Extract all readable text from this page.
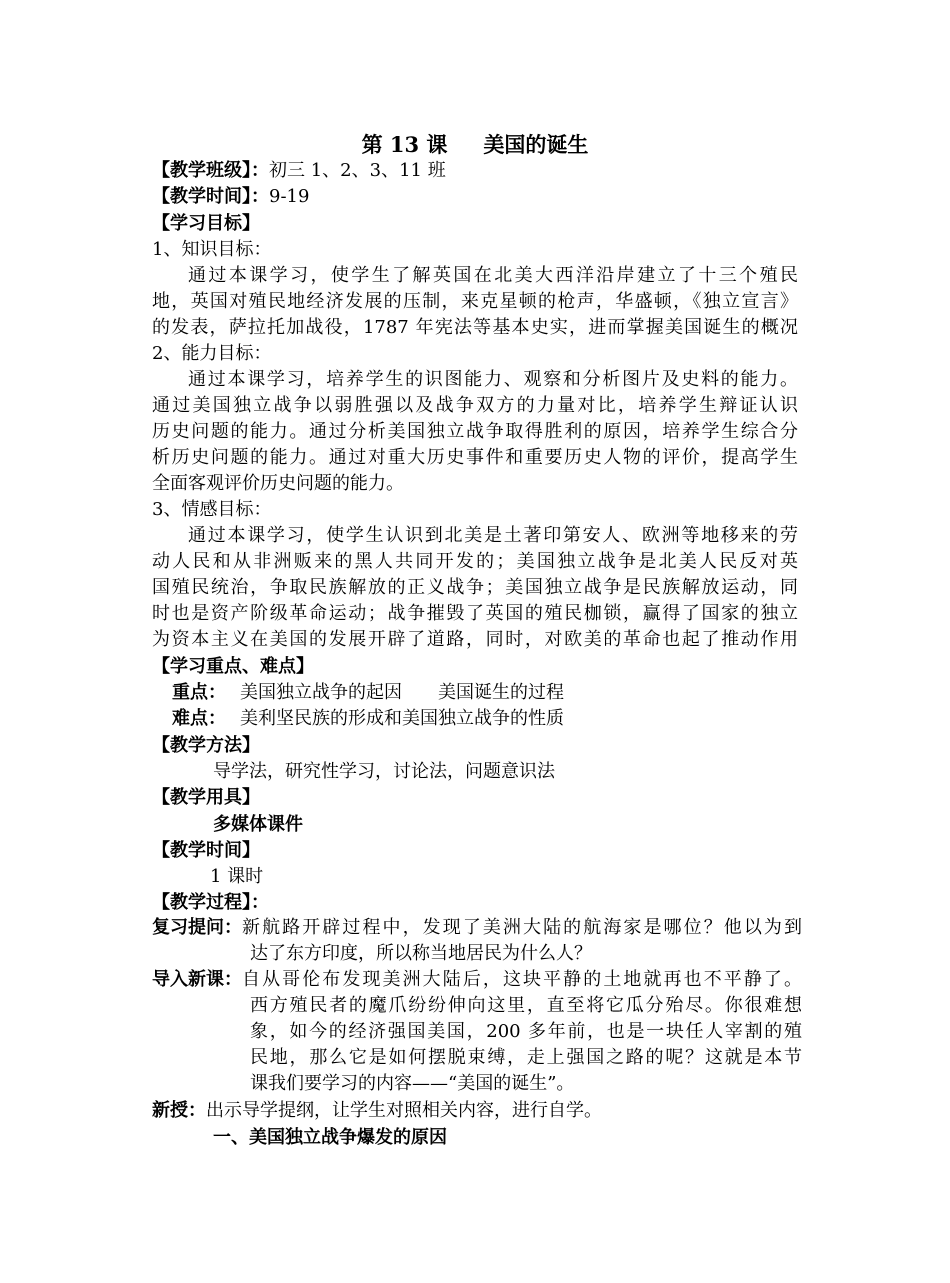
第 13 课 美国的诞生
【教学班级】：初三 1、2、3、11 班
【教学时间】：9-19
【学习目标】
1、知识目标：
通过本课学习，使学生了解英国在北美大西洋沿岸建立了十三个殖民
地，英国对殖民地经济发展的压制，来克星顿的枪声，华盛顿，《独立宣言》
的发表，萨拉托加战役，1787 年宪法等基本史实，进而掌握美国诞生的概况
2、能力目标：
通过本课学习，培养学生的识图能力、观察和分析图片及史料的能力。
通过美国独立战争以弱胜强以及战争双方的力量对比，培养学生辩证认识
历史问题的能力。通过分析美国独立战争取得胜利的原因，培养学生综合分
析历史问题的能力。通过对重大历史事件和重要历史人物的评价，提高学生
全面客观评价历史问题的能力。
3、情感目标：
通过本课学习，使学生认识到北美是土著印第安人、欧洲等地移来的劳
动人民和从非洲贩来的黑人共同开发的；美国独立战争是北美人民反对英
国殖民统治，争取民族解放的正义战争；美国独立战争是民族解放运动，同
时也是资产阶级革命运动；战争摧毁了英国的殖民枷锁，赢得了国家的独立
为资本主义在美国的发展开辟了道路，同时，对欧美的革命也起了推动作用
【学习重点、难点】
重点： 美国独立战争的起因　　美国诞生的过程
难点： 美利坚民族的形成和美国独立战争的性质
【教学方法】
导学法，研究性学习，讨论法，问题意识法
【教学用具】
多媒体课件
【教学时间】
1 课时
【教学过程】：
复习提问： 新航路开辟过程中，发现了美洲大陆的航海家是哪位？他以为到
达了东方印度，所以称当地居民为什么人？
导入新课： 自从哥伦布发现美洲大陆后，这块平静的土地就再也不平静了。
西方殖民者的魔爪纷纷伸向这里，直至将它瓜分殆尽。你很难想
象，如今的经济强国美国，200 多年前，也是一块任人宰割的殖
民地，那么它是如何摆脱束缚，走上强国之路的呢？这就是本节
课我们要学习的内容——“美国的诞生”。
新授：出示导学提纲，让学生对照相关内容，进行自学。
一、美国独立战争爆发的原因
